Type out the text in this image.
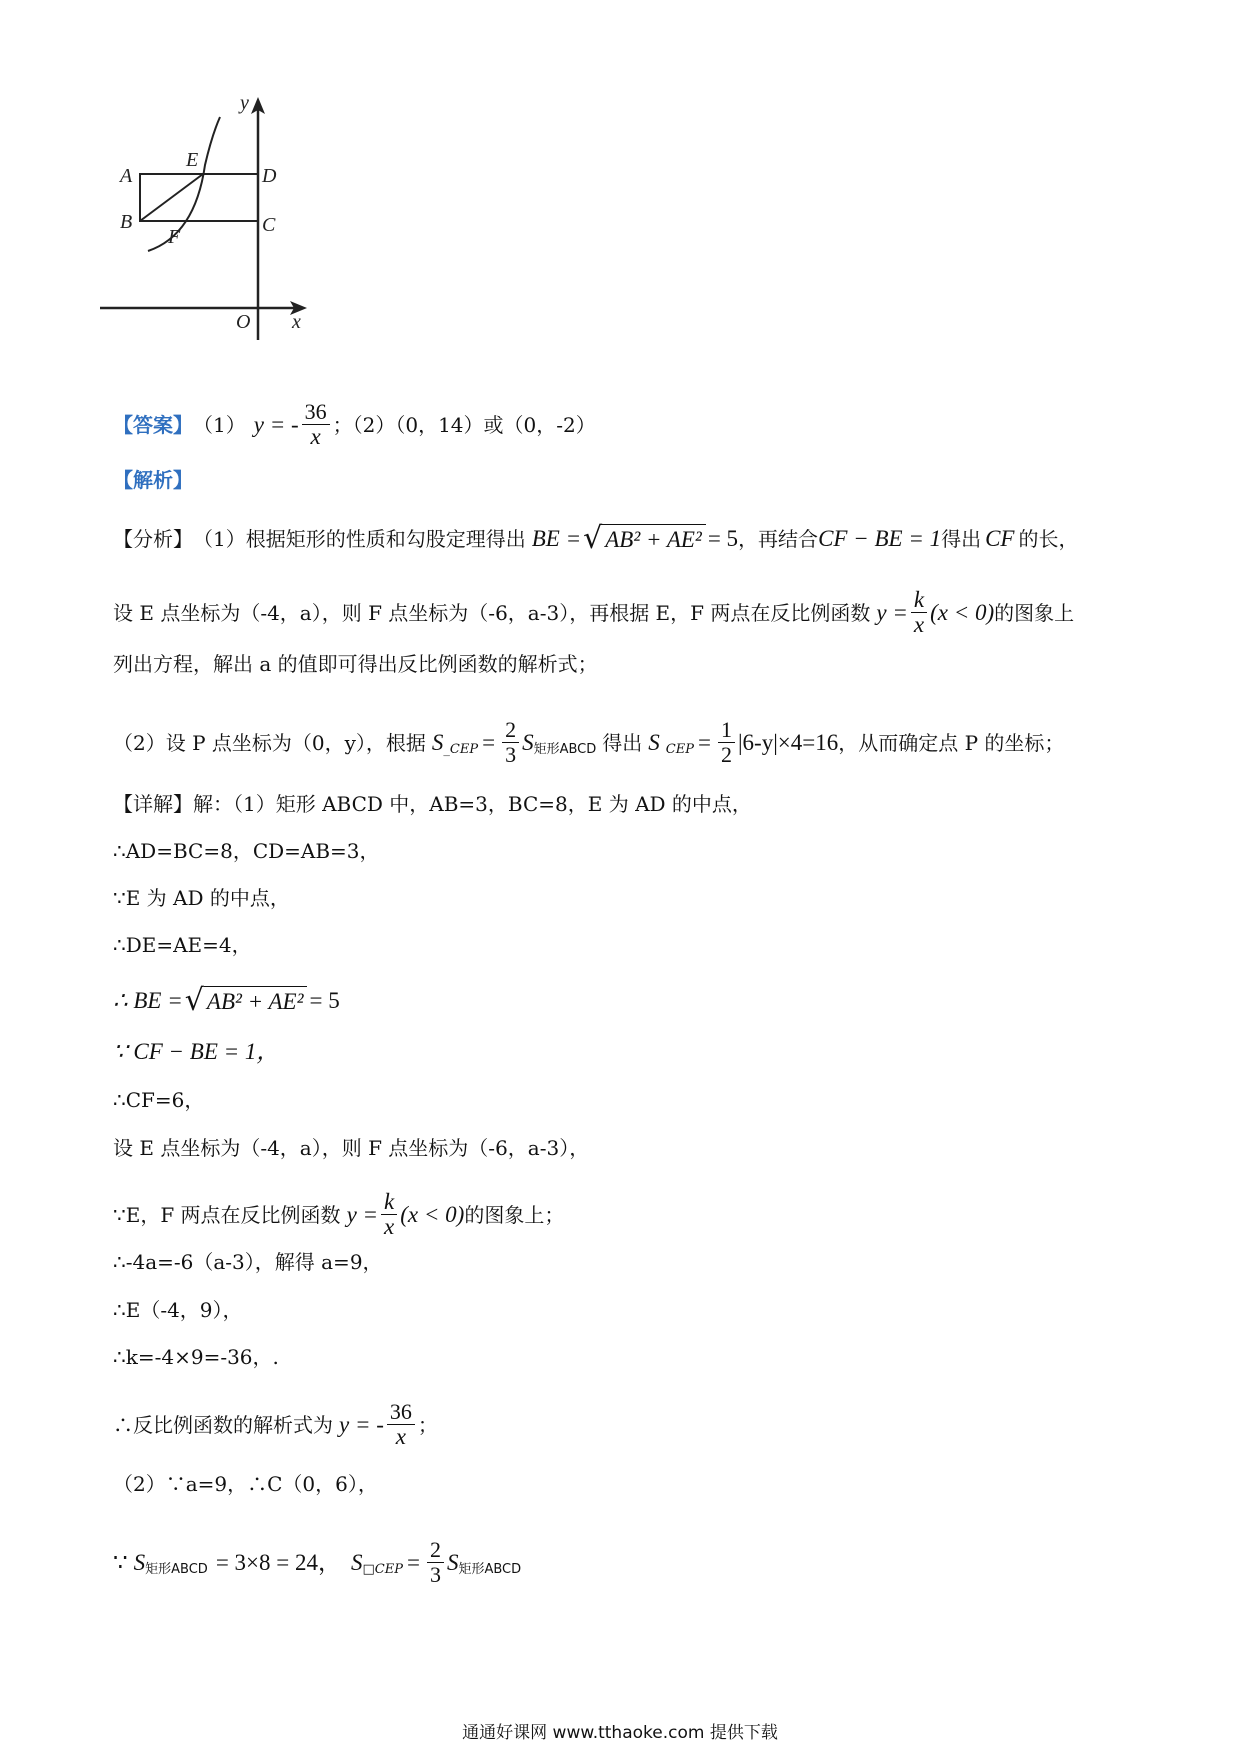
y
A
E
D
B
F
C
O x
【答案】 （1） y = - $\frac{36}{x}$ ；（2）（0，14）或（0，-2）
【解析】
【分析】 （1）根据矩形的性质和勾股定理得出 BE = √ AB² + AE² = 5 ，再结合 CF − BE = 1 得出 CF 的长，
设 E 点坐标为（-4，a），则 F 点坐标为（-6，a-3），再根据 E，F 两点在反比例函数 $y = \frac{k}{x} (x < 0)$ 的图象上
列出方程，解出 a 的值即可得出反比例函数的解析式；
（2）设 P 点坐标为（0，y），根据 S _CEP = $\frac{2}{3}$ S 矩形ABCD 得出 S CEP = $\frac{1}{2} |6-y|\times 4=16$ ，从而确定点 P 的坐标；
【详解】解：（1）矩形 ABCD 中，AB=3，BC=8，E 为 AD 的中点，
∴AD=BC=8，CD=AB=3，
∵E 为 AD 的中点，
∴DE=AE=4，
∴ BE = √ AB² + AE² = 5
∵ CF − BE = 1，
∴CF=6，
设 E 点坐标为（-4，a），则 F 点坐标为（-6，a-3），
∵E，F 两点在反比例函数 $y = \frac{k}{x} (x < 0)$ 的图象上；
∴-4a=-6（a-3），解得 a=9，
∴E（-4，9），
∴k=-4×9=-36，.
∴反比例函数的解析式为 y = - $\frac{36}{x}$ ；
（2）∵a=9，∴C（0，6），
∵ S 矩形ABCD = 3×8 = 24， S □CEP = $\frac{2}{3}$ S 矩形ABCD
通通好课网 www.tthaoke.com 提供下载
